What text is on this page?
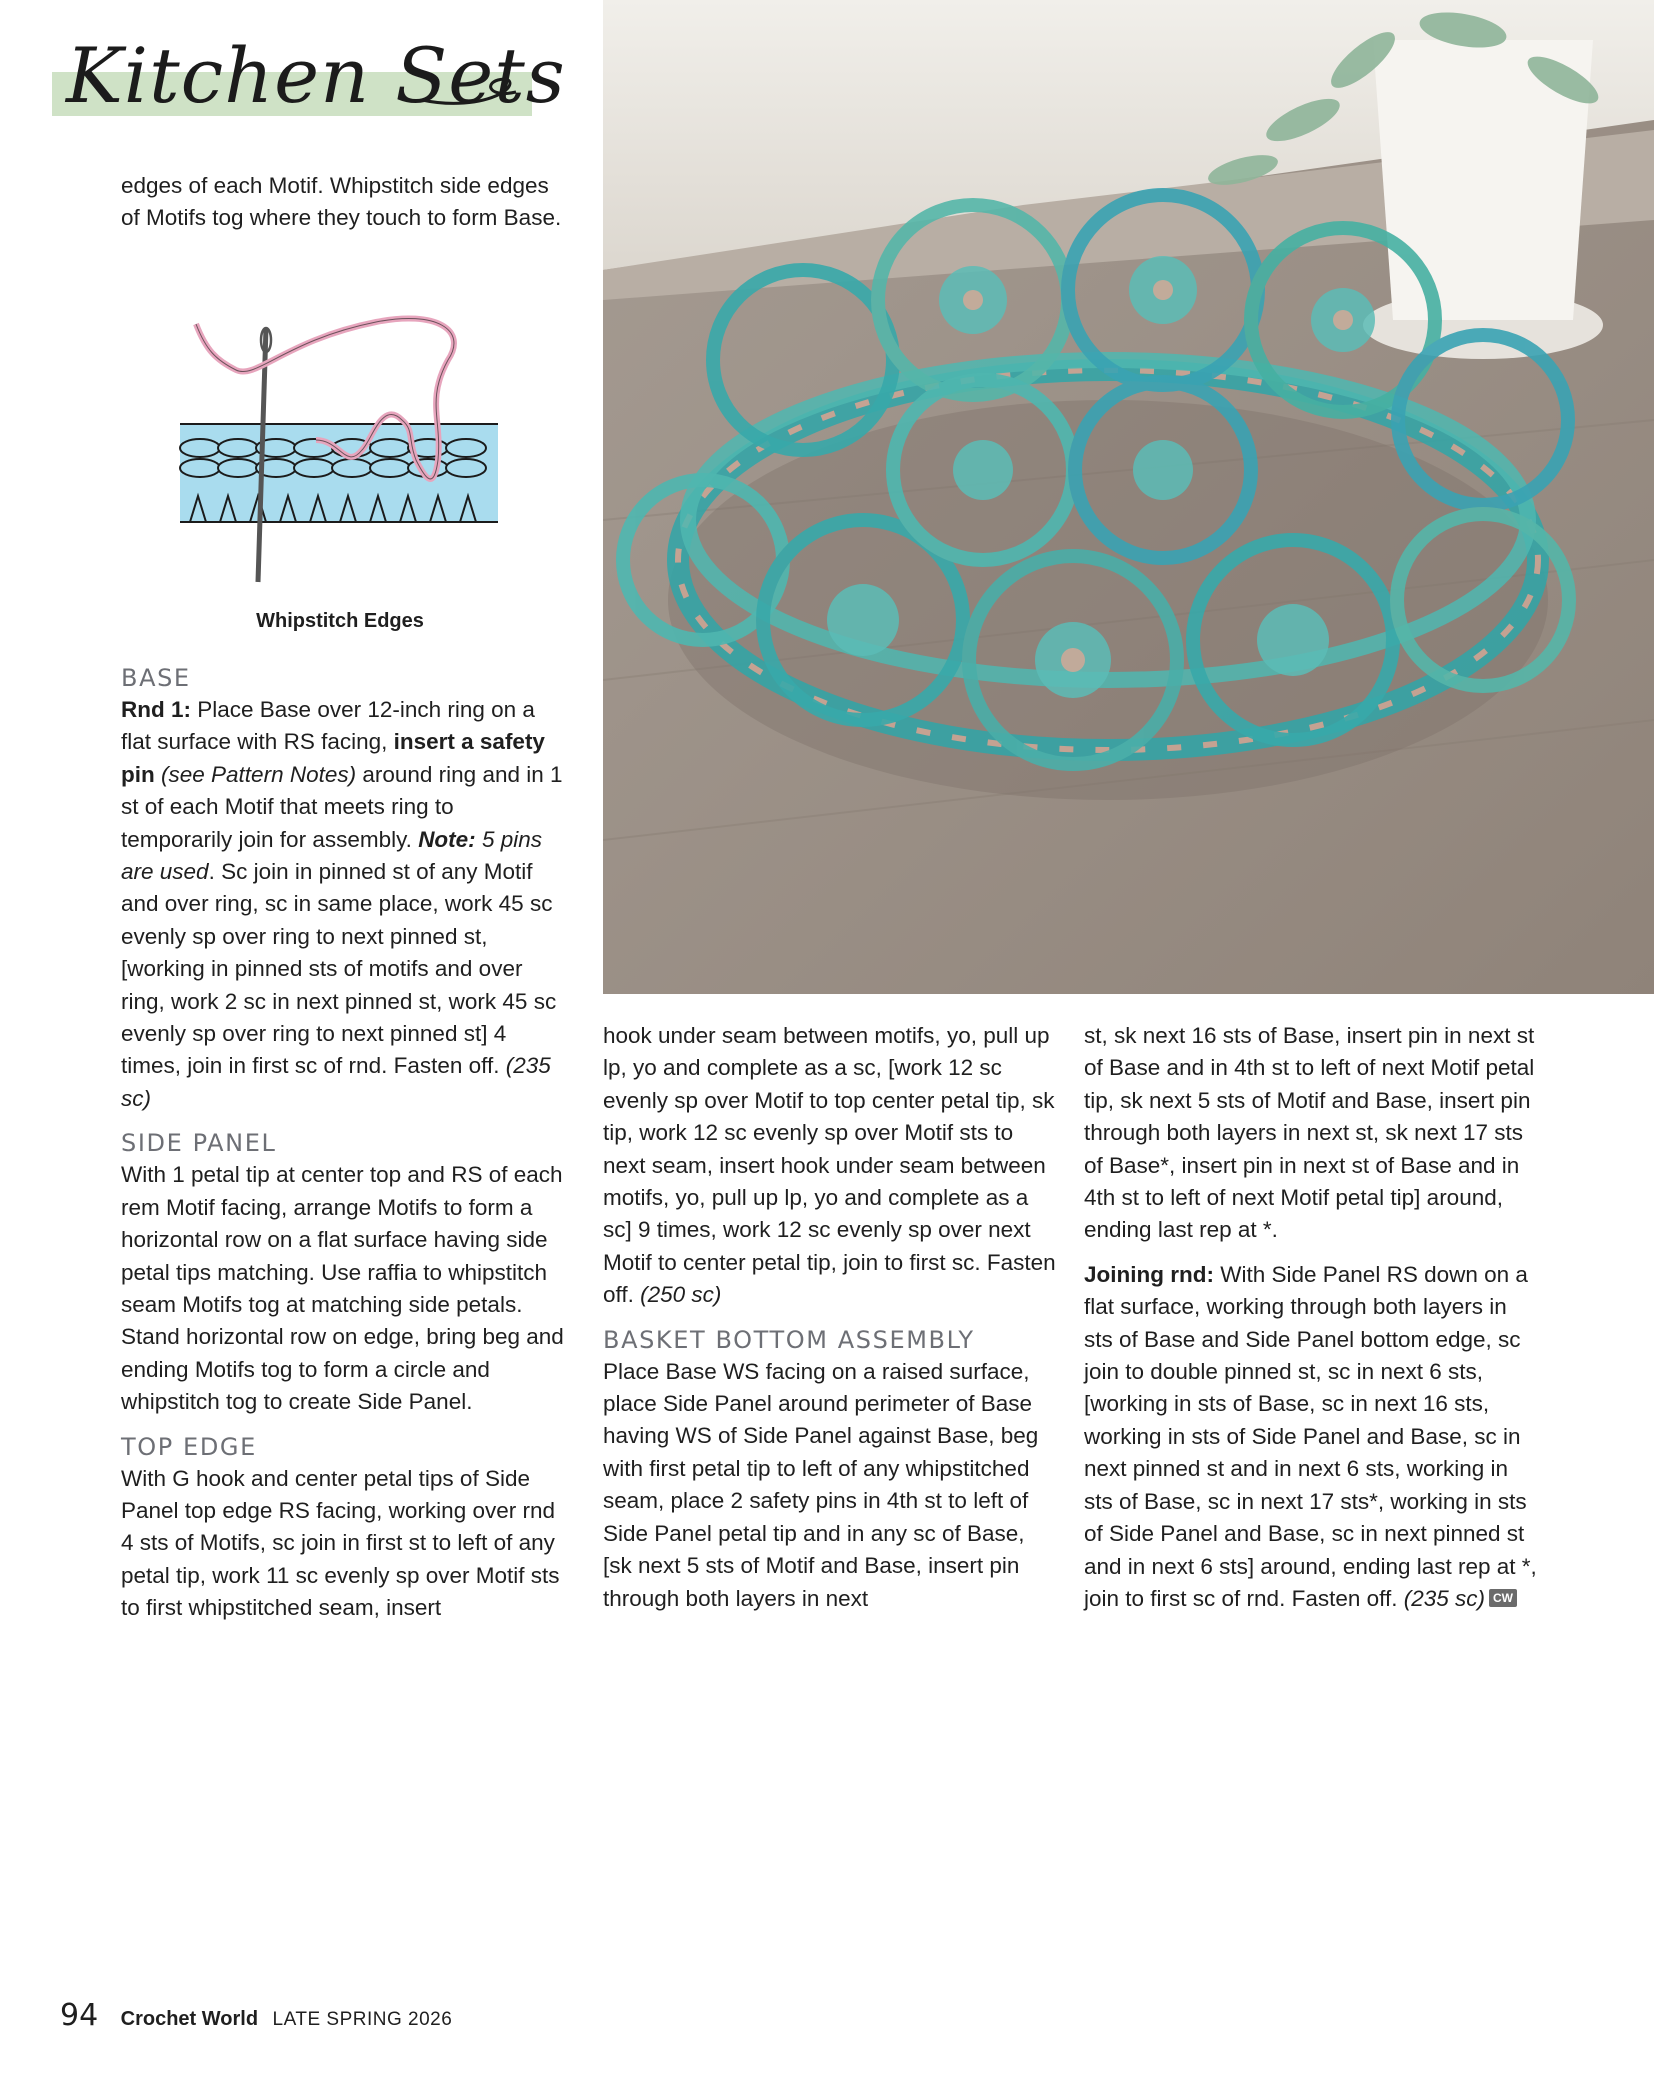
Kitchen Sets

edges of each Motif. Whipstitch side edges of Motifs tog where they touch to form Base.

Whipstitch Edges
BASE

Rnd 1: Place Base over 12-inch ring on a flat surface with RS facing, insert a safety pin (see Pattern Notes) around ring and in 1 st of each Motif that meets ring to temporarily join for assembly. Note: 5 pins are used. Sc join in pinned st of any Motif and over ring, sc in same place, work 45 sc evenly sp over ring to next pinned st, [working in pinned sts of motifs and over ring, work 2 sc in next pinned st, work 45 sc evenly sp over ring to next pinned st] 4 times, join in first sc of rnd. Fasten off. (235 sc)

SIDE PANEL

With 1 petal tip at center top and RS of each rem Motif facing, arrange Motifs to form a horizontal row on a flat surface having side petal tips matching. Use raffia to whipstitch seam Motifs tog at matching side petals. Stand horizontal row on edge, bring beg and ending Motifs tog to form a circle and whipstitch tog to create Side Panel.

TOP EDGE

With G hook and center petal tips of Side Panel top edge RS facing, working over rnd 4 sts of Motifs, sc join in first st to left of any petal tip, work 11 sc evenly sp over Motif sts to first whipstitched seam, insert

hook under seam between motifs, yo, pull up lp, yo and complete as a sc, [work 12 sc evenly sp over Motif to top center petal tip, sk tip, work 12 sc evenly sp over Motif sts to next seam, insert hook under seam between motifs, yo, pull up lp, yo and complete as a sc] 9 times, work 12 sc evenly sp over next Motif to center petal tip, join to first sc. Fasten off. (250 sc)

BASKET BOTTOM ASSEMBLY

Place Base WS facing on a raised surface, place Side Panel around perimeter of Base having WS of Side Panel against Base, beg with first petal tip to left of any whipstitched seam, place 2 safety pins in 4th st to left of Side Panel petal tip and in any sc of Base, [sk next 5 sts of Motif and Base, insert pin through both layers in next

st, sk next 16 sts of Base, insert pin in next st of Base and in 4th st to left of next Motif petal tip, sk next 5 sts of Motif and Base, insert pin through both layers in next st, sk next 17 sts of Base*, insert pin in next st of Base and in 4th st to left of next Motif petal tip] around, ending last rep at *.

Joining rnd: With Side Panel RS down on a flat surface, working through both layers in sts of Base and Side Panel bottom edge, sc join to double pinned st, sc in next 6 sts, [working in sts of Base, sc in next 16 sts, working in sts of Side Panel and Base, sc in next pinned st and in next 6 sts, working in sts of Base, sc in next 17 sts*, working in sts of Side Panel and Base, sc in next pinned st and in next 6 sts] around, ending last rep at *, join to first sc of rnd. Fasten off. (235 sc) CW

94 Crochet World LATE SPRING 2026
